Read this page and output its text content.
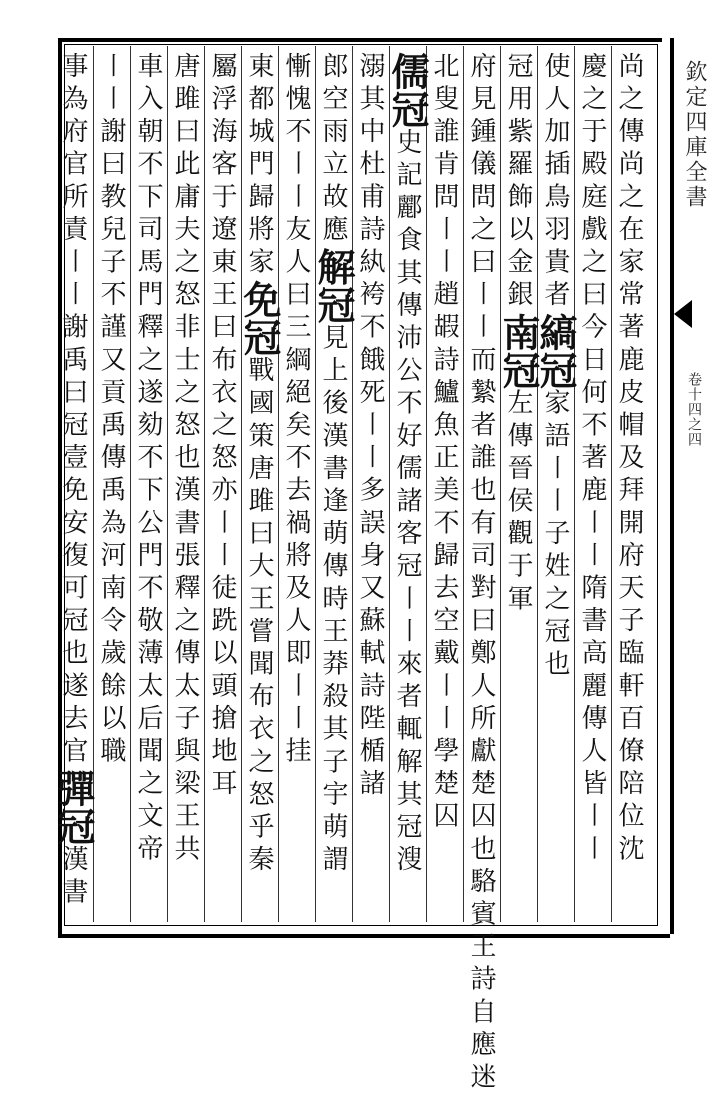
欽定四庫全書
卷十四之四
尚之傳尚之在家常著鹿皮帽及拜開府天子臨軒百僚陪位沈
慶之于殿庭戲之曰今日何不著鹿〡〡隋書高麗傳人皆〡〡
使人加插鳥羽貴者縞冠家語〡〡子姓之冠也
冠用紫羅飾以金銀南冠左傳晉侯觀于軍
府見鍾儀問之曰〡〡而縶者誰也有司對曰鄭人所獻楚囚也駱賓王詩自應迷
北叟誰肯問〡〡趙嘏詩鱸魚正美不歸去空戴〡〡學楚囚
儒冠史記酈食其傳沛公不好儒諸客冠〡〡來者輒解其冠溲
溺其中杜甫詩紈袴不餓死〡〡多誤身又蘇軾詩陛楯諸
郎空雨立故應解冠見上後漢書逢萌傳時王莽殺其子宇萌謂
慚愧不〡〡友人曰三綱絕矣不去禍將及人即〡〡挂
東都城門歸將家免冠戰國策唐雎曰大王嘗聞布衣之怒乎秦
屬浮海客于遼東王曰布衣之怒亦〡〡徒跣以頭搶地耳
唐雎曰此庸夫之怒非士之怒也漢書張釋之傳太子與梁王共
車入朝不下司馬門釋之遂劾不下公門不敬薄太后聞之文帝
〡〡謝曰教兒子不謹又貢禹傳禹為河南令歲餘以職
事為府官所責〡〡謝禹曰冠壹免安復可冠也遂去官彈冠漢書
